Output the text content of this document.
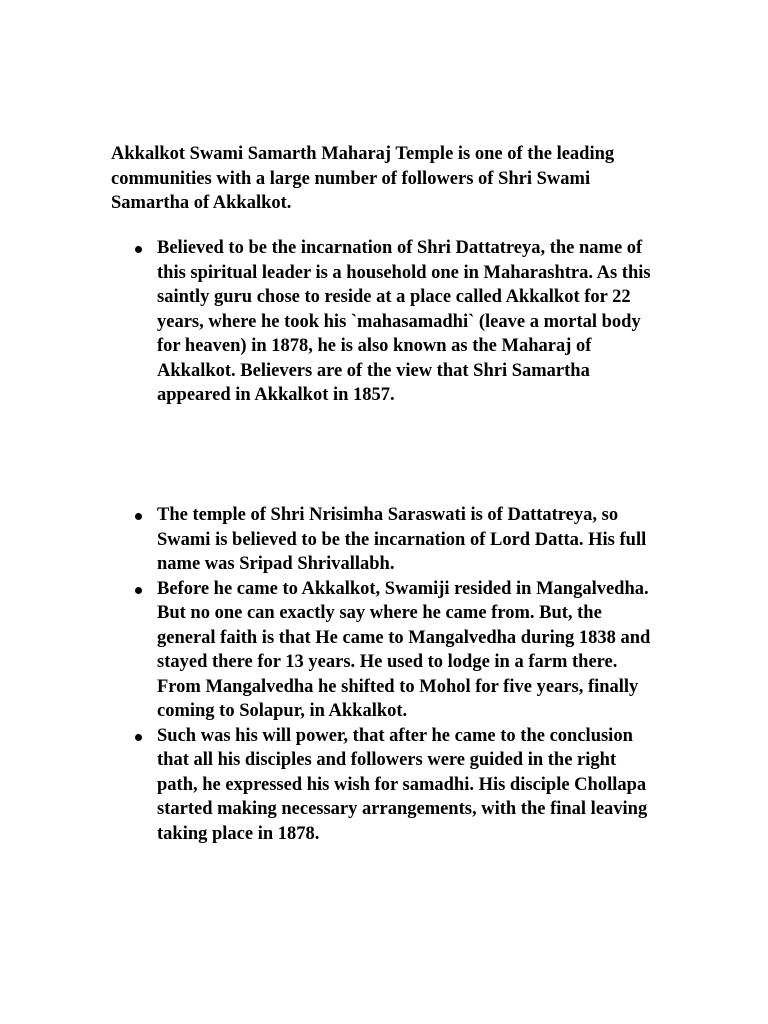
Akkalkot Swami Samarth Maharaj Temple is one of the leading communities with a large number of followers of Shri Swami Samartha of Akkalkot.

Believed to be the incarnation of Shri Dattatreya, the name of this spiritual leader is a household one in Maharashtra. As this saintly guru chose to reside at a place called Akkalkot for 22 years, where he took his `mahasamadhi` (leave a mortal body for heaven) in 1878, he is also known as the Maharaj of Akkalkot. Believers are of the view that Shri Samartha appeared in Akkalkot in 1857.
The temple of Shri Nrisimha Saraswati is of Dattatreya, so Swami is believed to be the incarnation of Lord Datta. His full name was Sripad Shrivallabh.
Before he came to Akkalkot, Swamiji resided in Mangalvedha. But no one can exactly say where he came from. But, the general faith is that He came to Mangalvedha during 1838 and stayed there for 13 years. He used to lodge in a farm there. From Mangalvedha he shifted to Mohol for five years, finally coming to Solapur, in Akkalkot.
Such was his will power, that after he came to the conclusion that all his disciples and followers were guided in the right path, he expressed his wish for samadhi. His disciple Chollapa started making necessary arrangements, with the final leaving taking place in 1878.
